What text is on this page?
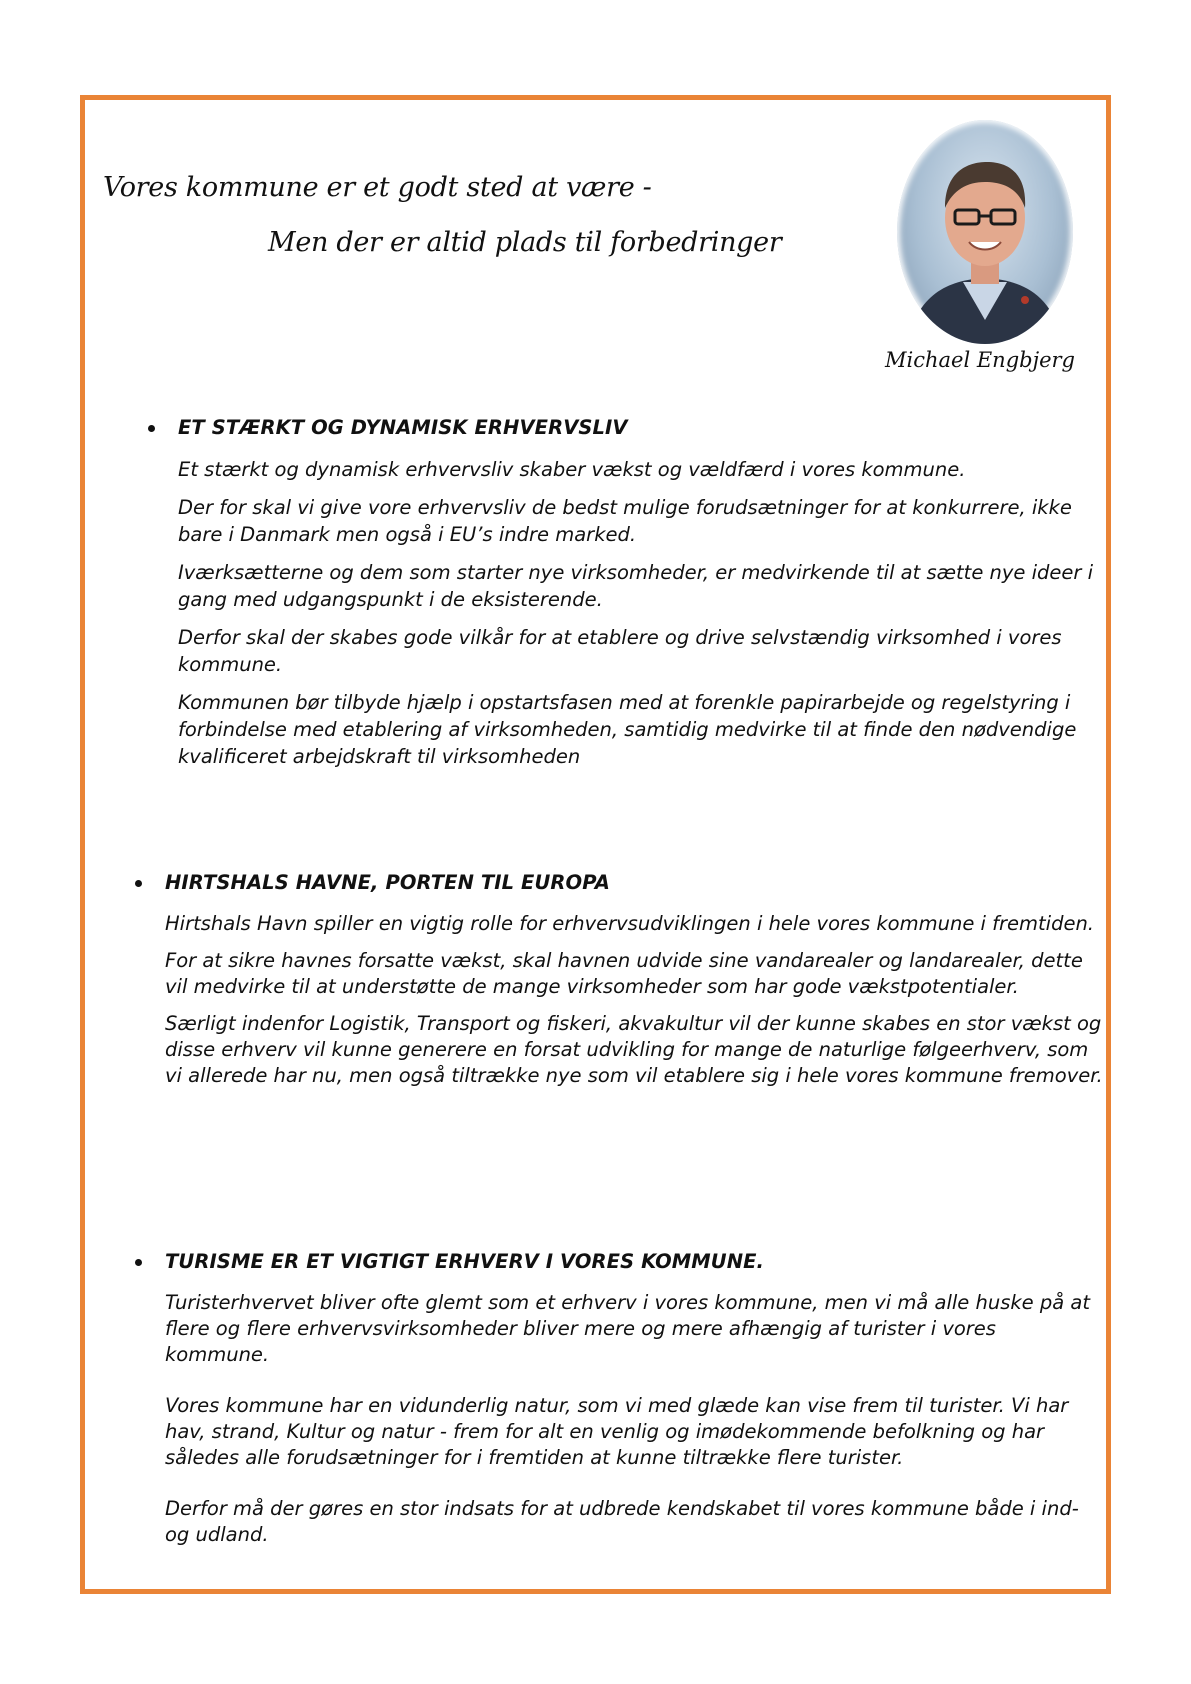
Vores kommune er et godt sted at være -
Men der er altid plads til forbedringer
Michael Engbjerg
ET STÆRKT OG DYNAMISK ERHVERVSLIV

Et stærkt og dynamisk erhvervsliv skaber vækst og vældfærd i vores kommune.

Der for skal vi give vore erhvervsliv de bedst mulige forudsætninger for at konkurrere, ikke bare i Danmark men også i EU’s indre marked.

Iværksætterne og dem som starter nye virksomheder, er medvirkende til at sætte nye ideer i gang med udgangspunkt i de eksisterende.

Derfor skal der skabes gode vilkår for at etablere og drive selvstændig virksomhed i vores kommune.

Kommunen bør tilbyde hjælp i opstartsfasen med at forenkle papirarbejde og regelstyring i forbindelse med etablering af virksomheden, samtidig medvirke til at finde den nødvendige kvalificeret arbejdskraft til virksomheden

HIRTSHALS HAVNE, PORTEN TIL EUROPA

Hirtshals Havn spiller en vigtig rolle for erhvervsudviklingen i hele vores kommune i fremtiden.

For at sikre havnes forsatte vækst, skal havnen udvide sine vandarealer og landarealer, dette vil medvirke til at understøtte de mange virksomheder som har gode vækstpotentialer.

Særligt indenfor Logistik, Transport og fiskeri, akvakultur vil der kunne skabes en stor vækst og disse erhverv vil kunne generere en forsat udvikling for mange de naturlige følgeerhverv, som vi allerede har nu, men også tiltrække nye som vil etablere sig i hele vores kommune fremover.

TURISME ER ET VIGTIGT ERHVERV I VORES KOMMUNE.

Turisterhvervet bliver ofte glemt som et erhverv i vores kommune, men vi må alle huske på at flere og flere erhvervsvirksomheder bliver mere og mere afhængig af turister i vores kommune.

Vores kommune har en vidunderlig natur, som vi med glæde kan vise frem til turister. Vi har hav, strand, Kultur og natur - frem for alt en venlig og imødekommende befolkning og har således alle forudsætninger for i fremtiden at kunne tiltrække flere turister.

Derfor må der gøres en stor indsats for at udbrede kendskabet til vores kommune både i ind- og udland.
